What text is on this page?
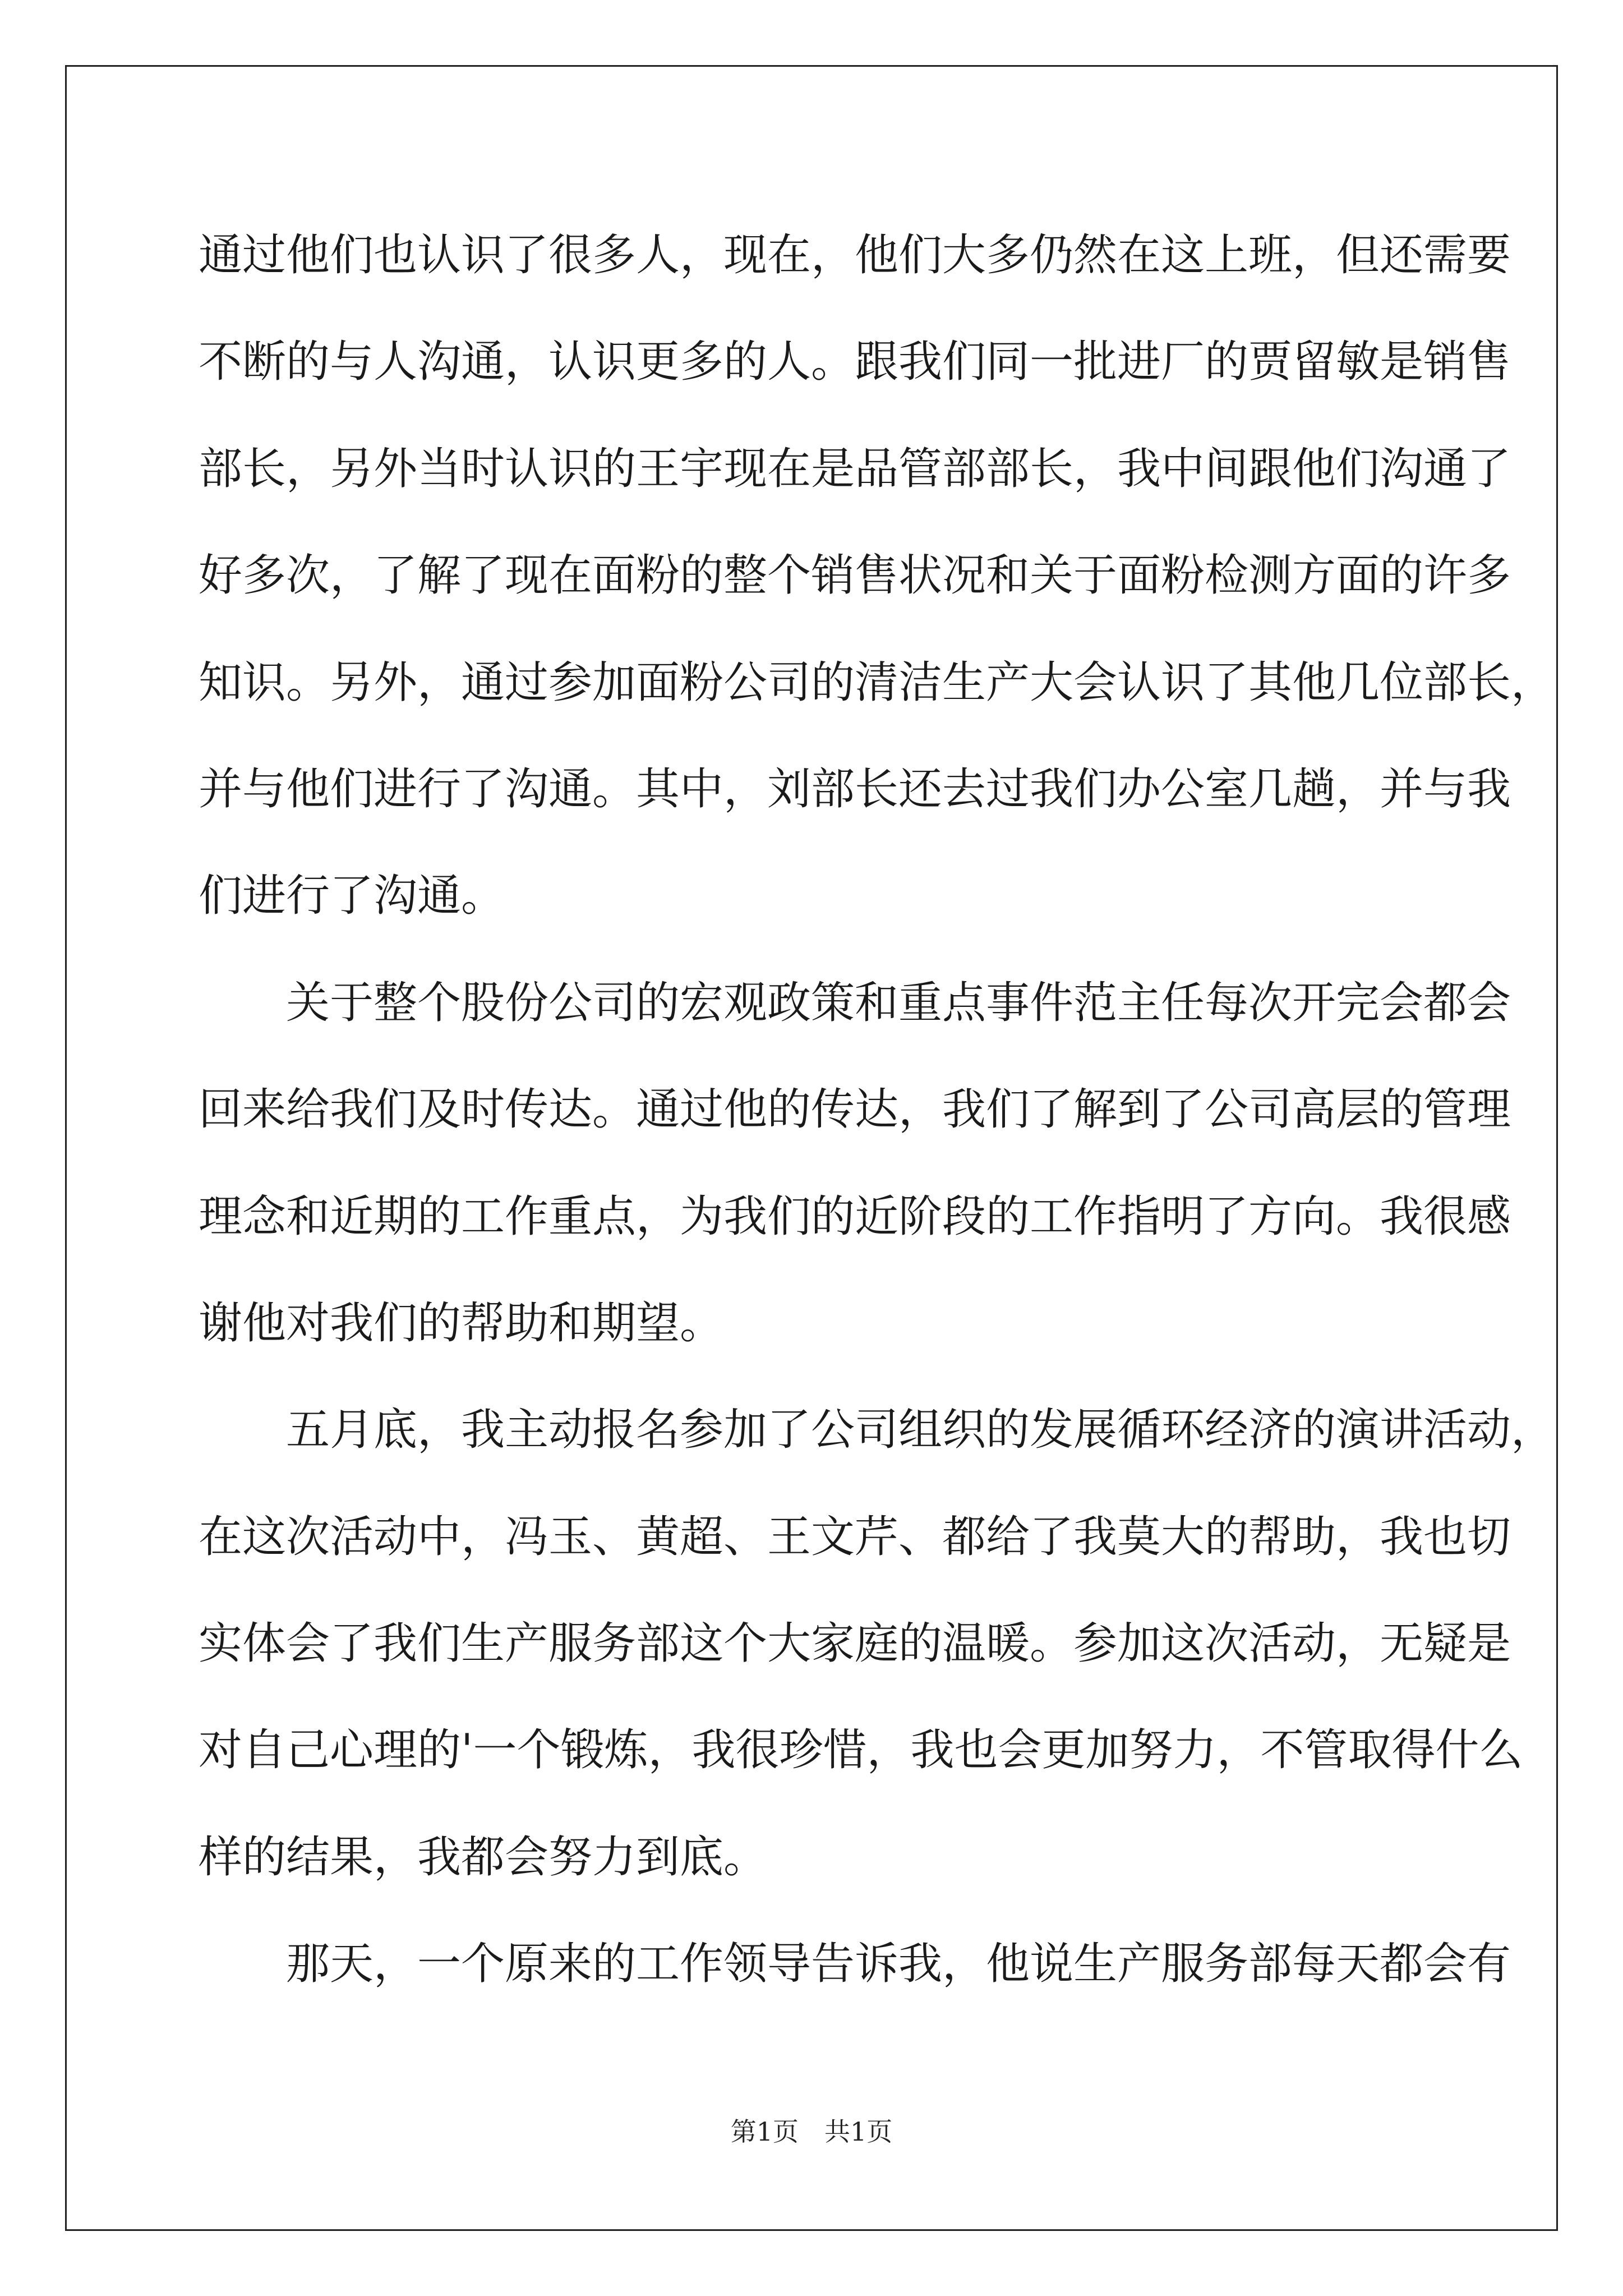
通过他们也认识了很多人，现在，他们大多仍然在这上班，但还需要
不断的与人沟通，认识更多的人。跟我们同一批进厂的贾留敏是销售
部长，另外当时认识的王宇现在是品管部部长，我中间跟他们沟通了
好多次，了解了现在面粉的整个销售状况和关于面粉检测方面的许多
知识。另外，通过参加面粉公司的清洁生产大会认识了其他几位部长，
并与他们进行了沟通。其中，刘部长还去过我们办公室几趟，并与我
们进行了沟通。
关于整个股份公司的宏观政策和重点事件范主任每次开完会都会
回来给我们及时传达。通过他的传达，我们了解到了公司高层的管理
理念和近期的工作重点，为我们的近阶段的工作指明了方向。我很感
谢他对我们的帮助和期望。
五月底，我主动报名参加了公司组织的发展循环经济的演讲活动，
在这次活动中，冯玉、黄超、王文芹、都给了我莫大的帮助，我也切
实体会了我们生产服务部这个大家庭的温暖。参加这次活动，无疑是
对自己心理的'一个锻炼，我很珍惜，我也会更加努力，不管取得什么
样的结果，我都会努力到底。
那天，一个原来的工作领导告诉我，他说生产服务部每天都会有
第1页　共1页
